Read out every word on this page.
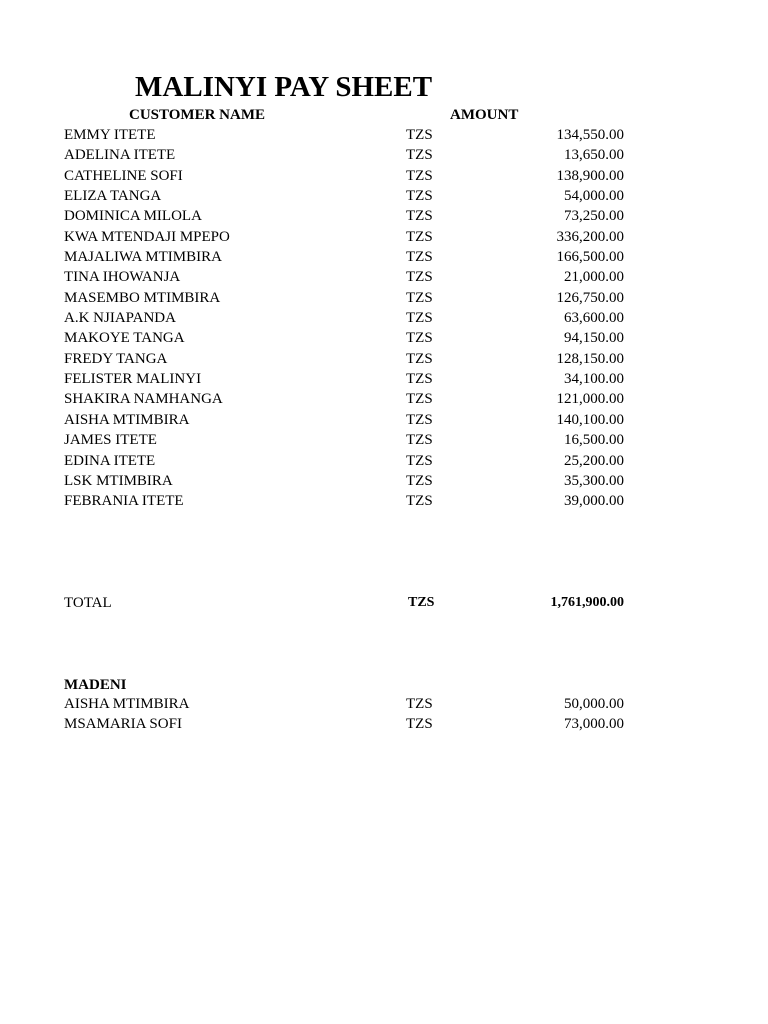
MALINYI PAY SHEET
CUSTOMER NAME	AMOUNT
EMMY ITETE	TZS	134,550.00
ADELINA ITETE	TZS	13,650.00
CATHELINE SOFI	TZS	138,900.00
ELIZA TANGA	TZS	54,000.00
DOMINICA MILOLA	TZS	73,250.00
KWA MTENDAJI MPEPO	TZS	336,200.00
MAJALIWA MTIMBIRA	TZS	166,500.00
TINA IHOWANJA	TZS	21,000.00
MASEMBO MTIMBIRA	TZS	126,750.00
A.K NJIAPANDA	TZS	63,600.00
MAKOYE TANGA	TZS	94,150.00
FREDY TANGA	TZS	128,150.00
FELISTER MALINYI	TZS	34,100.00
SHAKIRA NAMHANGA	TZS	121,000.00
AISHA MTIMBIRA	TZS	140,100.00
JAMES ITETE	TZS	16,500.00
EDINA ITETE	TZS	25,200.00
LSK MTIMBIRA	TZS	35,300.00
FEBRANIA ITETE	TZS	39,000.00
TOTAL	TZS	1,761,900.00
MADENI
AISHA MTIMBIRA	TZS	50,000.00
MSAMARIA SOFI	TZS	73,000.00
